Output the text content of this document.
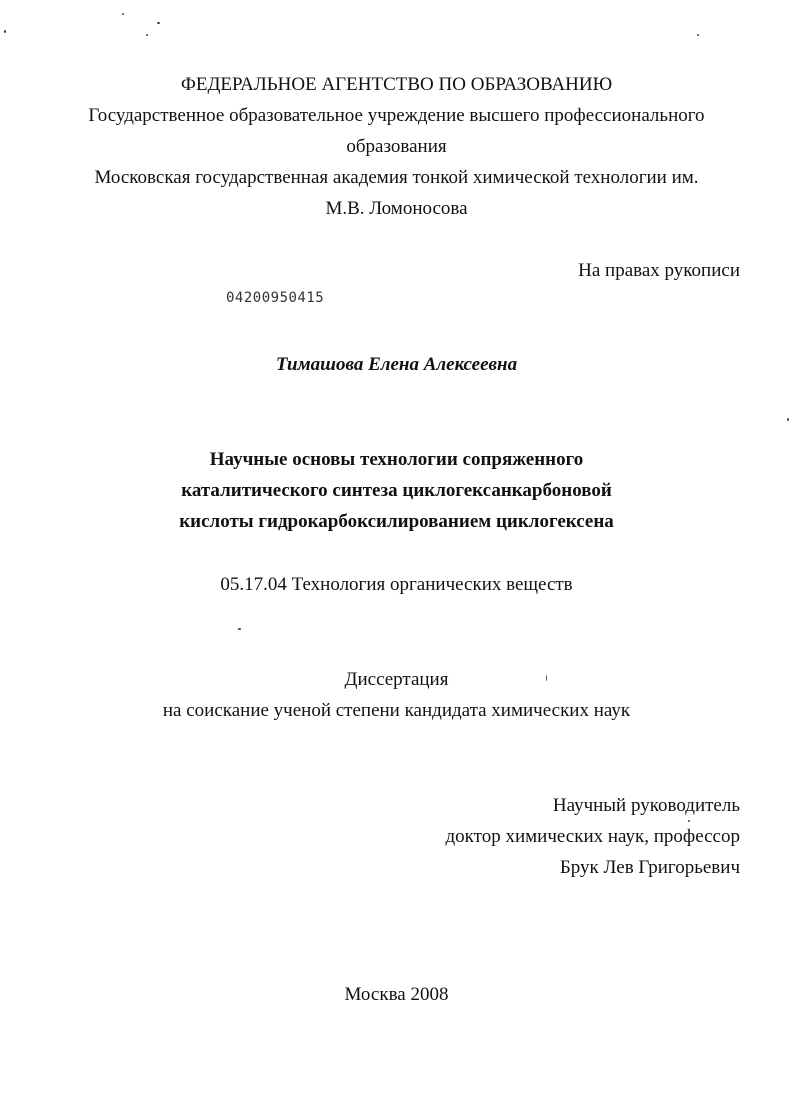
ФЕДЕРАЛЬНОЕ АГЕНТСТВО ПО ОБРАЗОВАНИЮ
Государственное образовательное учреждение высшего профессионального
образования
Московская государственная академия тонкой химической технологии им.
М.В. Ломоносова
На правах рукописи
04200950415
Тимашова Елена Алексеевна
Научные основы технологии сопряженного
каталитического синтеза циклогексанкарбоновой
кислоты гидрокарбоксилированием циклогексена
05.17.04 Технология органических веществ
Диссертация
на соискание ученой степени кандидата химических наук
Научный руководитель
доктор химических наук, профессор
Брук Лев Григорьевич
Москва 2008
